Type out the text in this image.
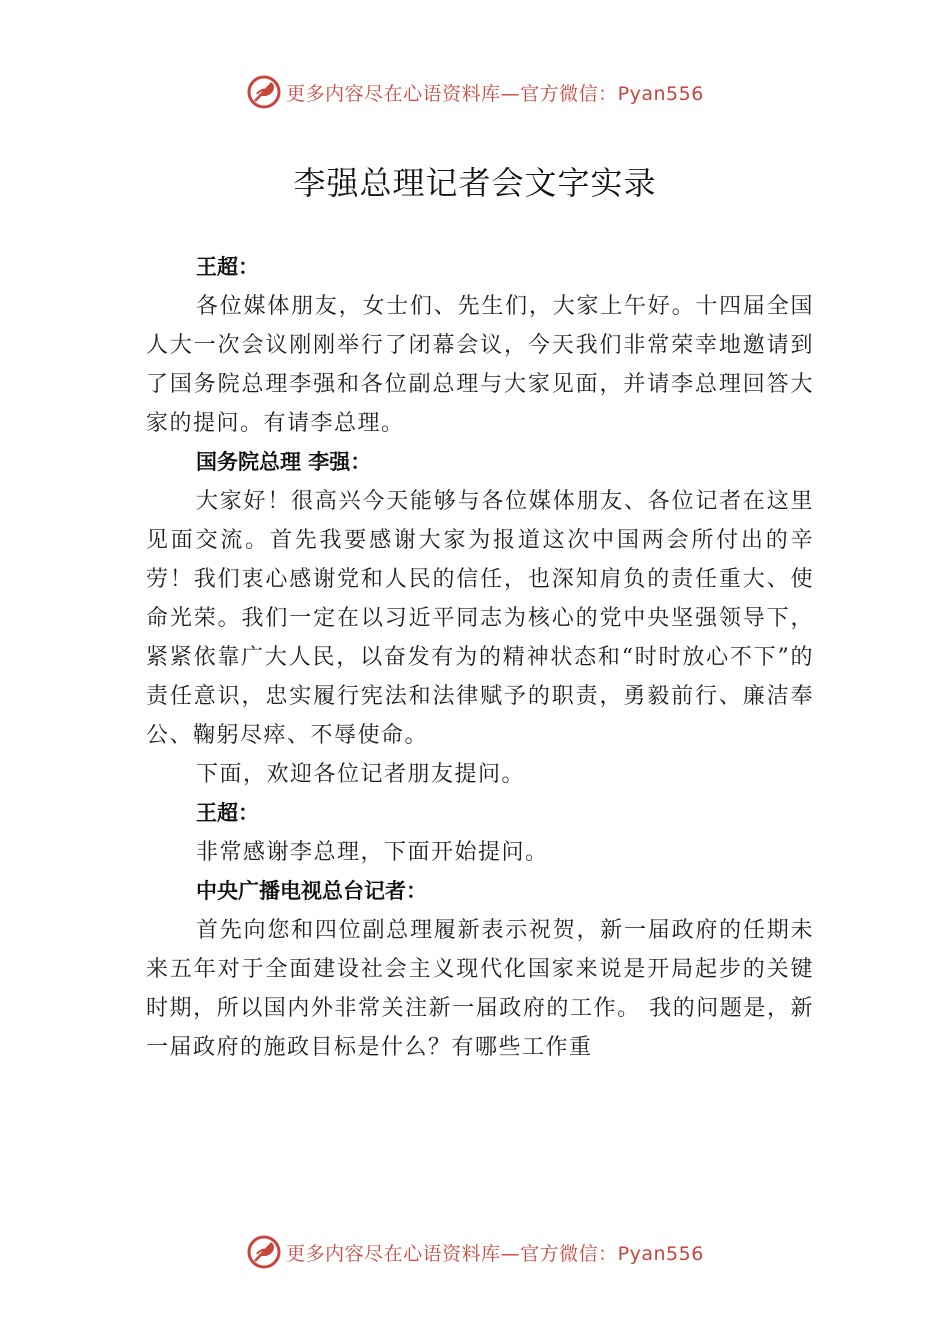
更多内容尽在心语资料库—官方微信：Pyan556
李强总理记者会文字实录

王超：

各位媒体朋友，女士们、先生们，大家上午好。十四届全国人大一次会议刚刚举行了闭幕会议，今天我们非常荣幸地邀请到了国务院总理李强和各位副总理与大家见面，并请李总理回答大家的提问。有请李总理。

国务院总理 李强：

大家好！很高兴今天能够与各位媒体朋友、各位记者在这里见面交流。首先我要感谢大家为报道这次中国两会所付出的辛劳！我们衷心感谢党和人民的信任，也深知肩负的责任重大、使命光荣。我们一定在以习近平同志为核心的党中央坚强领导下，紧紧依靠广大人民，以奋发有为的精神状态和“时时放心不下”的责任意识，忠实履行宪法和法律赋予的职责，勇毅前行、廉洁奉公、鞠躬尽瘁、不辱使命。

下面，欢迎各位记者朋友提问。

王超：

非常感谢李总理，下面开始提问。

中央广播电视总台记者：

首先向您和四位副总理履新表示祝贺，新一届政府的任期未来五年对于全面建设社会主义现代化国家来说是开局起步的关键时期，所以国内外非常关注新一届政府的工作。 我的问题是，新一届政府的施政目标是什么？有哪些工作重

更多内容尽在心语资料库—官方微信：Pyan556
